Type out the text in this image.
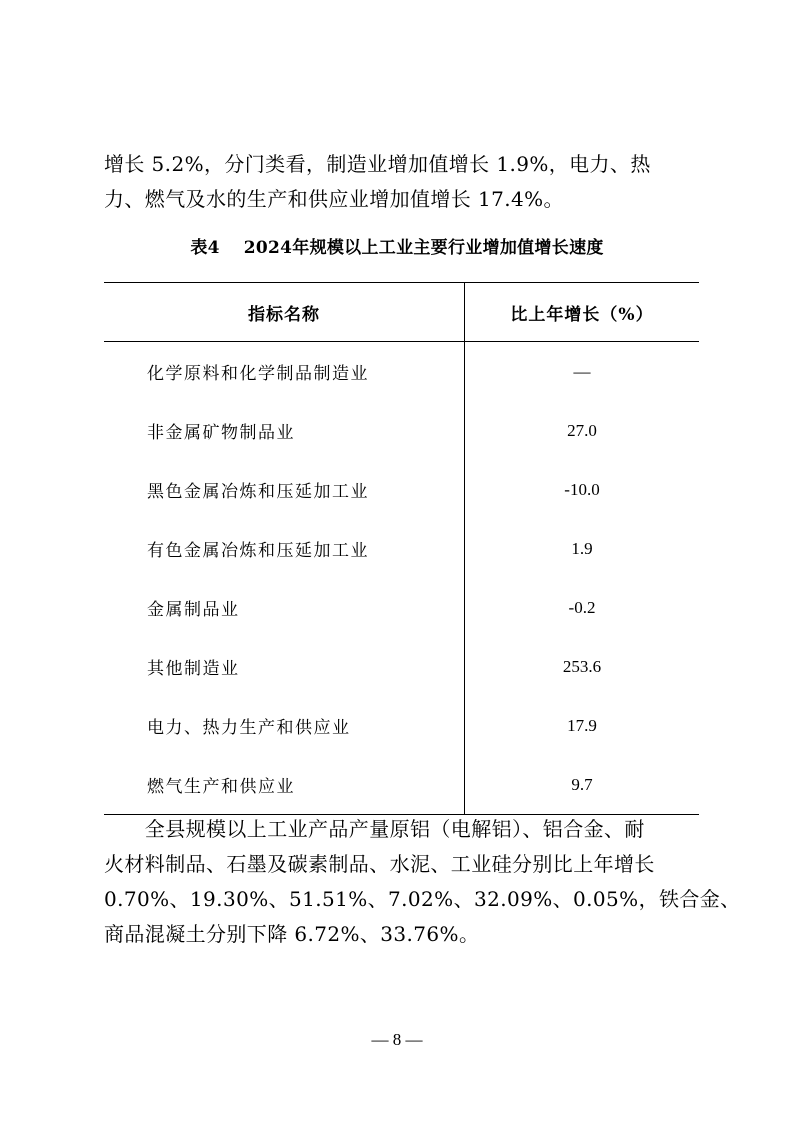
增长 5.2%，分门类看，制造业增加值增长 1.9%，电力、热
力、燃气及水的生产和供应业增加值增长 17.4%。
表4 2024年规模以上工业主要行业增加值增长速度
指标名称	比上年增长（%）
化学原料和化学制品制造业	—
非金属矿物制品业	27.0
黑色金属冶炼和压延加工业	-10.0
有色金属冶炼和压延加工业	1.9
金属制品业	-0.2
其他制造业	253.6
电力、热力生产和供应业	17.9
燃气生产和供应业	9.7
　　全县规模以上工业产品产量原铝（电解铝）、铝合金、耐
火材料制品、石墨及碳素制品、水泥、工业硅分别比上年增长
0.70%、19.30%、51.51%、7.02%、32.09%、0.05%，铁合金、
商品混凝土分别下降 6.72%、33.76%。
— 8 —
